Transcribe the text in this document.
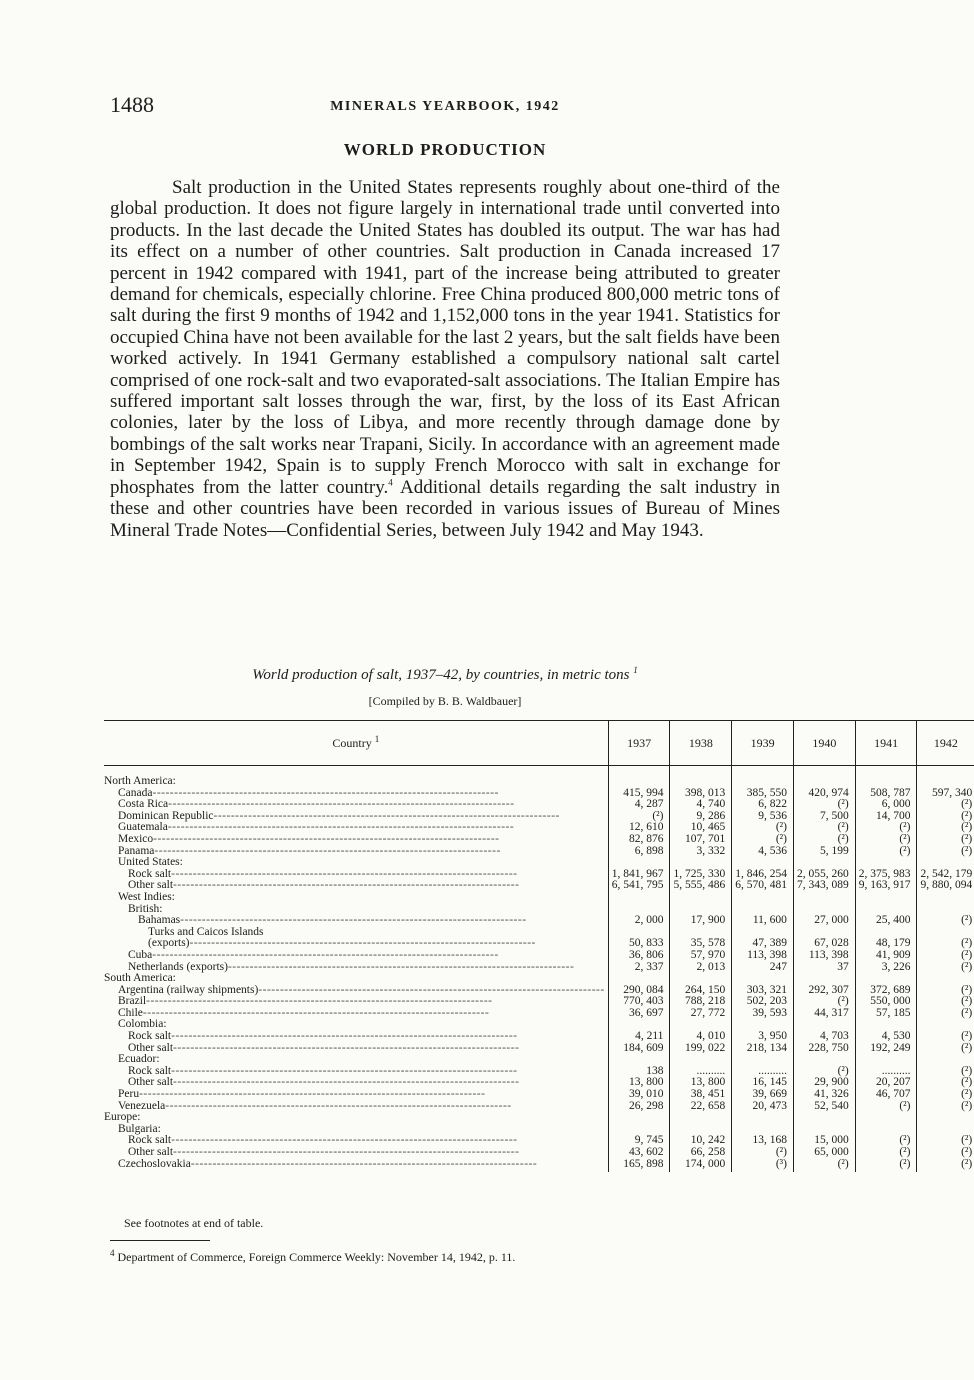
1488	MINERALS YEARBOOK, 1942
WORLD PRODUCTION

Salt production in the United States represents roughly about one-third of the global production. It does not figure largely in international trade until converted into products. In the last decade the United States has doubled its output. The war has had its effect on a number of other countries. Salt production in Canada increased 17 percent in 1942 compared with 1941, part of the increase being attributed to greater demand for chemicals, especially chlorine. Free China produced 800,000 metric tons of salt during the first 9 months of 1942 and 1,152,000 tons in the year 1941. Statistics for occupied China have not been available for the last 2 years, but the salt fields have been worked actively. In 1941 Germany established a compulsory national salt cartel comprised of one rock-salt and two evaporated-salt associations. The Italian Empire has suffered important salt losses through the war, first, by the loss of its East African colonies, later by the loss of Libya, and more recently through damage done by bombings of the salt works near Trapani, Sicily. In accordance with an agreement made in September 1942, Spain is to supply French Morocco with salt in exchange for phosphates from the latter country.$^4$ Additional details regarding the salt industry in these and other countries have been recorded in various issues of Bureau of Mines Mineral Trade Notes—Confidential Series, between July 1942 and May 1943.

World production of salt, 1937–42, by countries, in metric tons $^1$
[Compiled by B. B. Waldbauer]
Country $^1$	1937	1938	1939	1940	1941	1942

North America:						

Canada --------------------------------------------------------------------------------	415, 994	398, 013	385, 550	420, 974	508, 787	597, 340

Costa Rica --------------------------------------------------------------------------------	4, 287	4, 740	6, 822	(²)	6, 000	(²)

Dominican Republic --------------------------------------------------------------------------------	(²)	9, 286	9, 536	7, 500	14, 700	(²)

Guatemala --------------------------------------------------------------------------------	12, 610	10, 465	(²)	(²)	(²)	(²)

Mexico --------------------------------------------------------------------------------	82, 876	107, 701	(²)	(²)	(²)	(²)

Panama --------------------------------------------------------------------------------	6, 898	3, 332	4, 536	5, 199	(²)	(²)

United States:						

Rock salt --------------------------------------------------------------------------------	1, 841, 967	1, 725, 330	1, 846, 254	2, 055, 260	2, 375, 983	2, 542, 179

Other salt --------------------------------------------------------------------------------	6, 541, 795	5, 555, 486	6, 570, 481	7, 343, 089	9, 163, 917	9, 880, 094

West Indies:						

British:						

Bahamas --------------------------------------------------------------------------------	2, 000	17, 900	11, 600	27, 000	25, 400	(²)

Turks and Caicos Islands						

(exports) --------------------------------------------------------------------------------	50, 833	35, 578	47, 389	67, 028	48, 179	(²)

Cuba --------------------------------------------------------------------------------	36, 806	57, 970	113, 398	113, 398	41, 909	(²)

Netherlands (exports) --------------------------------------------------------------------------------	2, 337	2, 013	247	37	3, 226	(²)

South America:						

Argentina (railway shipments) --------------------------------------------------------------------------------	290, 084	264, 150	303, 321	292, 307	372, 689	(²)

Brazil --------------------------------------------------------------------------------	770, 403	788, 218	502, 203	(²)	550, 000	(²)

Chile --------------------------------------------------------------------------------	36, 697	27, 772	39, 593	44, 317	57, 185	(²)

Colombia:						

Rock salt --------------------------------------------------------------------------------	4, 211	4, 010	3, 950	4, 703	4, 530	(²)

Other salt --------------------------------------------------------------------------------	184, 609	199, 022	218, 134	228, 750	192, 249	(²)

Ecuador:						

Rock salt --------------------------------------------------------------------------------	138	..........	..........	(²)	..........	(²)

Other salt --------------------------------------------------------------------------------	13, 800	13, 800	16, 145	29, 900	20, 207	(²)

Peru --------------------------------------------------------------------------------	39, 010	38, 451	39, 669	41, 326	46, 707	(²)

Venezuela --------------------------------------------------------------------------------	26, 298	22, 658	20, 473	52, 540	(²)	(²)

Europe:						

Bulgaria:						

Rock salt --------------------------------------------------------------------------------	9, 745	10, 242	13, 168	15, 000	(²)	(²)

Other salt --------------------------------------------------------------------------------	43, 602	66, 258	(²)	65, 000	(²)	(²)

Czechoslovakia --------------------------------------------------------------------------------	165, 898	174, 000	(³)	(²)	(²)	(²)
See footnotes at end of table.
$^4$ Department of Commerce, Foreign Commerce Weekly: November 14, 1942, p. 11.
